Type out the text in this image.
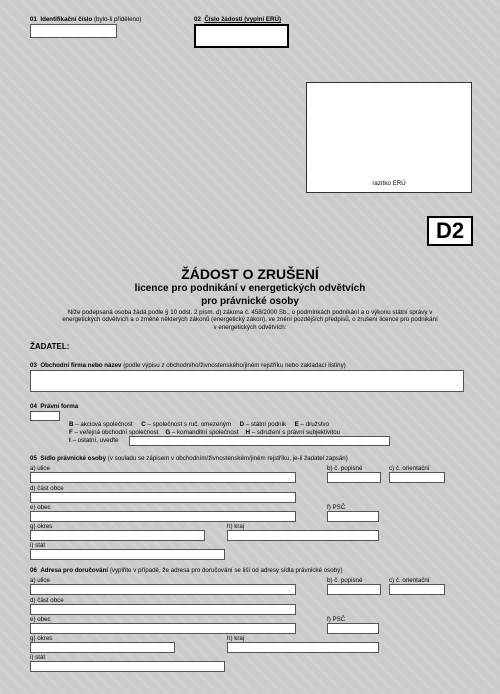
01 Identifikační číslo (bylo-li přiděleno)	02 Číslo žádosti (vyplní ERÚ)
razítko ERÚ
D2
ŽÁDOST O ZRUŠENÍ
licence pro podnikání v energetických odvětvích
pro právnické osoby
Níže podepsaná osoba žádá podle § 10 odst. 2 písm. d) zákona č. 458/2000 Sb., o podmínkách podnikání a o výkonu státní správy v
energetických odvětvích a o změně některých zákonů (energetický zákon), ve znění pozdějších předpisů, o zrušení licence pro podnikání
v energetických odvětvích:
ŽADATEL:
03 Obchodní firma nebo název (podle výpisu z obchodního/živnostenského/jiném rejstříku nebo zakladací listiny)
04 Právní forma
B – akciová společnost C – společnost s ruč. omezeným D – státní podnik E – družstvo
F – veřejná obchodní společnost G – komanditní společnost H – sdružení s právní subjektivitou
I – ostatní, uveďte
05 Sídlo právnické osoby (v souladu se zápisem v obchodním/živnostenském/jiném rejstříku, je-li žadatel zapsán)
a) ulice	b) č. popisné	c) č. orientační
d) část obce
e) obec	f) PSČ
g) okres	h) kraj
i) stát
06 Adresa pro doručování (vyplňte v případě, že adresa pro doručování se liší od adresy sídla právnické osoby)
a) ulice	b) č. popisné	c) č. orientační
d) část obce
e) obec	f) PSČ
g) okres	h) kraj
i) stát
